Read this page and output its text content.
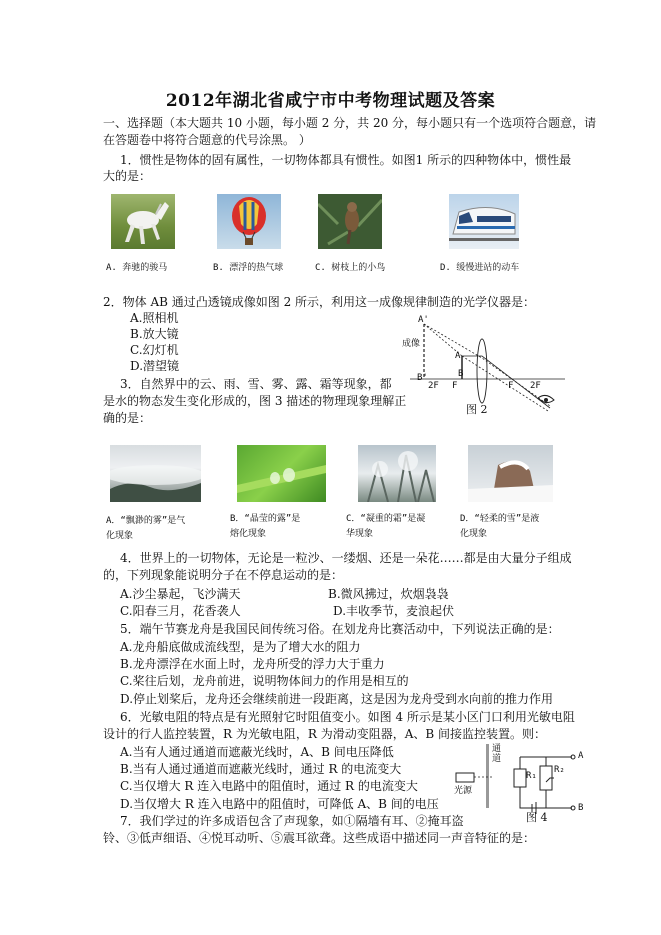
2012年湖北省咸宁市中考物理试题及答案
一、选择题（本大题共 10 小题，每小题 2 分，共 20 分，每小题只有一个选项符合题意，请
在答题卷中将符合题意的代号涂黑。 ）
1．惯性是物体的固有属性，一切物体都具有惯性。如图1 所示的四种物体中，惯性最
大的是：
A. 奔驰的骏马	B. 漂浮的热气球	C. 树枝上的小鸟	D. 缓慢进站的动车
2．物体 AB 通过凸透镜成像如图 2 所示，利用这一成像规律制造的光学仪器是：
A.照相机
B.放大镜
C.幻灯机
D.潜望镜
A'
B'
A
B
F	F
2F	2F
成像
图 2
3．自然界中的云、雨、雪、雾、露、霜等现象，都
是水的物态发生变化形成的，图 3 描述的物理现象理解正
确的是：
A．“飘渺的雾”是气
化现象
B．“晶莹的露”是
熔化现象
C．“凝重的霜”是凝
华现象
D．“轻柔的雪”是液
化现象
4．世界上的一切物体，无论是一粒沙、一缕烟、还是一朵花……都是由大量分子组成
的，下列现象能说明分子在不停息运动的是：
A.沙尘暴起，飞沙满天	B.微风拂过，炊烟袅袅
C.阳春三月，花香袭人	D.丰收季节，麦浪起伏
5．端午节赛龙舟是我国民间传统习俗。在划龙舟比赛活动中，下列说法正确的是：
A.龙舟船底做成流线型，是为了增大水的阻力
B.龙舟漂浮在水面上时，龙舟所受的浮力大于重力
C.桨往后划，龙舟前进，说明物体间力的作用是相互的
D.停止划桨后，龙舟还会继续前进一段距离，这是因为龙舟受到水向前的推力作用
6．光敏电阻的特点是有光照射它时阻值变小。如图 4 所示是某小区门口利用光敏电阻
设计的行人监控装置，R 为光敏电阻，R 为滑动变阻器，A、B 间接监控装置。则：
A.当有人通过通道而遮蔽光线时，A、B 间电压降低
B.当有人通过通道而遮蔽光线时，通过 R 的电流变大
C.当仅增大 R 连入电路中的阻值时，通过 R 的电流变大
D.当仅增大 R 连入电路中的阻值时，可降低 A、B 间的电压
通道
光源
R₁
R₂
A
B
图 4
7．我们学过的许多成语包含了声现象，如①隔墙有耳、②掩耳盗
铃、③低声细语、④悦耳动听、⑤震耳欲聋。这些成语中描述同一声音特征的是：
